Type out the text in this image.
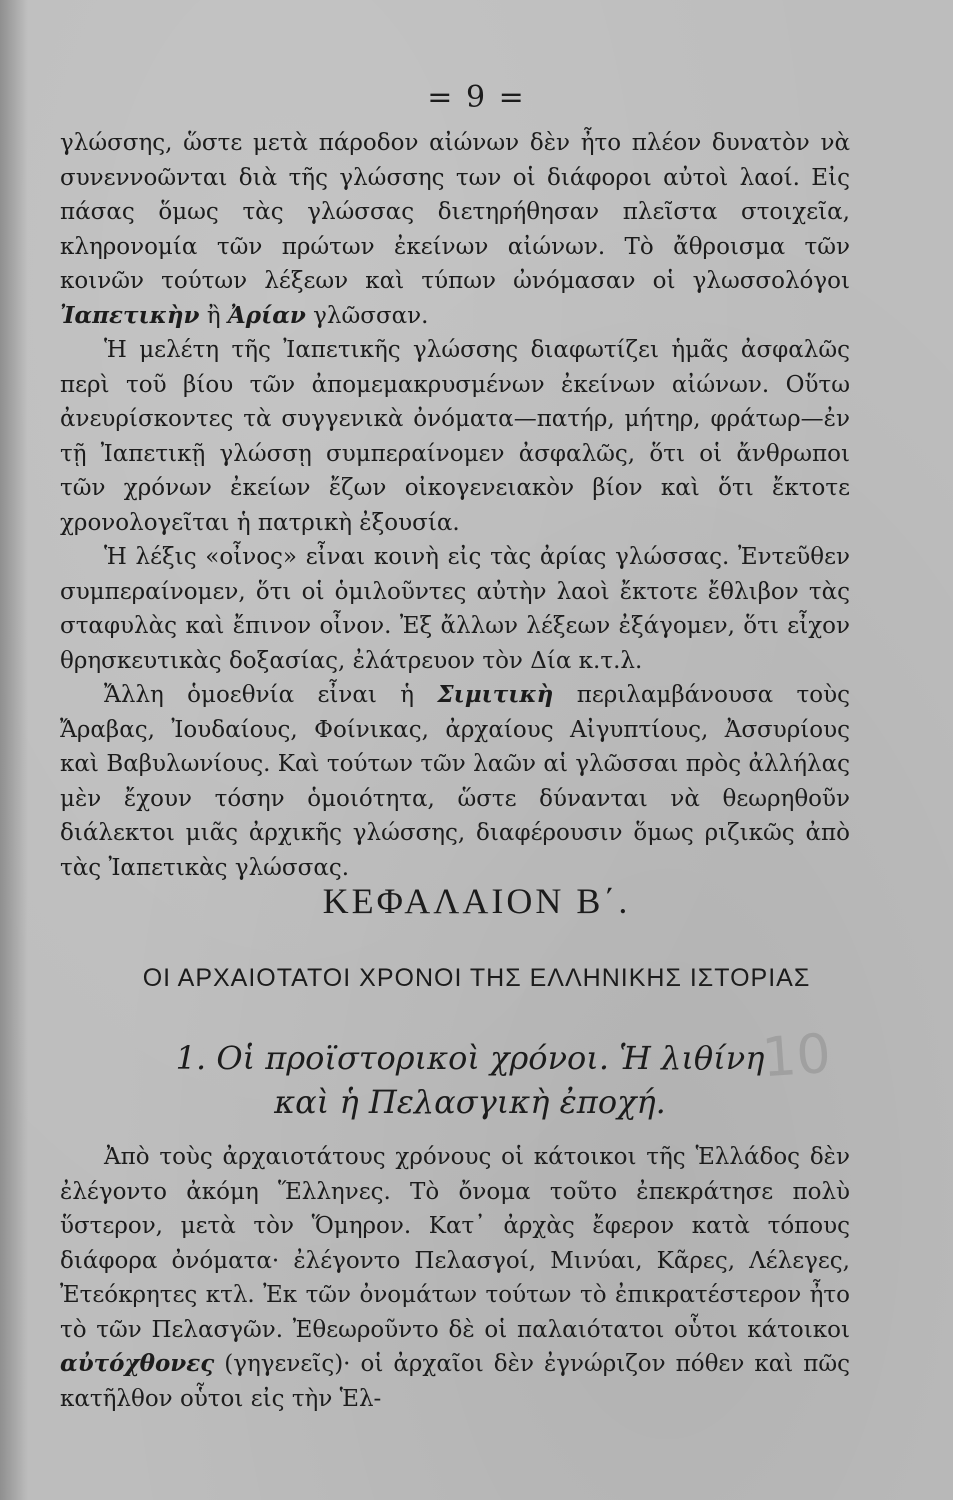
= 9 =

γλώσσης, ὥστε μετὰ πάροδον αἰώνων δὲν ἦτο πλέον δυνατὸν νὰ συνεννοῶνται διὰ τῆς γλώσσης των οἱ διάφοροι αὐτοὶ λαοί. Εἰς πάσας ὅμως τὰς γλώσσας διετηρήθησαν πλεῖστα στοιχεῖα, κληρονομία τῶν πρώτων ἐκείνων αἰώνων. Τὸ ἄθροισμα τῶν κοινῶν τούτων λέξεων καὶ τύπων ὠνόμασαν οἱ γλωσσολόγοι Ἰαπετικὴν ἢ Ἀρίαν γλῶσσαν.

Ἡ μελέτη τῆς Ἰαπετικῆς γλώσσης διαφωτίζει ἡμᾶς ἀσφαλῶς περὶ τοῦ βίου τῶν ἀπομεμακρυσμένων ἐκείνων αἰώνων. Οὕτω ἀνευρίσκοντες τὰ συγγενικὰ ὀνόματα—πατήρ, μήτηρ, φράτωρ—ἐν τῇ Ἰαπετικῇ γλώσσῃ συμπεραίνομεν ἀσφαλῶς, ὅτι οἱ ἄνθρωποι τῶν χρόνων ἐκείων ἔζων οἰκογενειακὸν βίον καὶ ὅτι ἔκτοτε χρονολογεῖται ἡ πατρικὴ ἐξουσία.

Ἡ λέξις «οἶνος» εἶναι κοινὴ εἰς τὰς ἀρίας γλώσσας. Ἐντεῦθεν συμπεραίνομεν, ὅτι οἱ ὁμιλοῦντες αὐτὴν λαοὶ ἔκτοτε ἔθλιβον τὰς σταφυλὰς καὶ ἔπινον οἶνον. Ἐξ ἄλλων λέξεων ἐξάγομεν, ὅτι εἶχον θρησκευτικὰς δοξασίας, ἐλάτρευον τὸν Δία κ.τ.λ.

Ἄλλη ὁμοεθνία εἶναι ἡ Σιμιτικὴ περιλαμβάνουσα τοὺς Ἄραβας, Ἰουδαίους, Φοίνικας, ἀρχαίους Αἰγυπτίους, Ἀσσυρίους καὶ Βαβυλωνίους. Καὶ τούτων τῶν λαῶν αἱ γλῶσσαι πρὸς ἀλλήλας μὲν ἔχουν τόσην ὁμοιότητα, ὥστε δύνανται νὰ θεωρηθοῦν διάλεκτοι μιᾶς ἀρχικῆς γλώσσης, διαφέρουσιν ὅμως ριζικῶς ἀπὸ τὰς Ἰαπετικὰς γλώσσας.

ΚΕΦΑΛΑΙΟΝ Β΄.
ΟΙ ΑΡΧΑΙΟΤΑΤΟΙ ΧΡΟΝΟΙ ΤΗΣ ΕΛΛΗΝΙΚΗΣ ΙΣΤΟΡΙΑΣ
1. Οἱ προϊστορικοὶ χρόνοι. Ἡ λιθίνη
καὶ ἡ Πελασγικὴ ἐποχή.
10

Ἀπὸ τοὺς ἀρχαιοτάτους χρόνους οἱ κάτοικοι τῆς Ἑλλάδος δὲν ἐλέγοντο ἀκόμη Ἕλληνες. Τὸ ὄνομα τοῦτο ἐπεκράτησε πολὺ ὕστερον, μετὰ τὸν Ὅμηρον. Κατ᾽ ἀρχὰς ἔφερον κατὰ τόπους διάφορα ὀνόματα· ἐλέγοντο Πελασγοί, Μινύαι, Κᾶρες, Λέλεγες, Ἐτεόκρητες κτλ. Ἐκ τῶν ὀνομάτων τούτων τὸ ἐπικρατέστερον ἦτο τὸ τῶν Πελασγῶν. Ἐθεωροῦντο δὲ οἱ παλαιότατοι οὗτοι κάτοικοι αὐτόχθονες (γηγενεῖς)· οἱ ἀρχαῖοι δὲν ἐγνώριζον πόθεν καὶ πῶς κατῆλθον οὗτοι εἰς τὴν Ἑλ-
